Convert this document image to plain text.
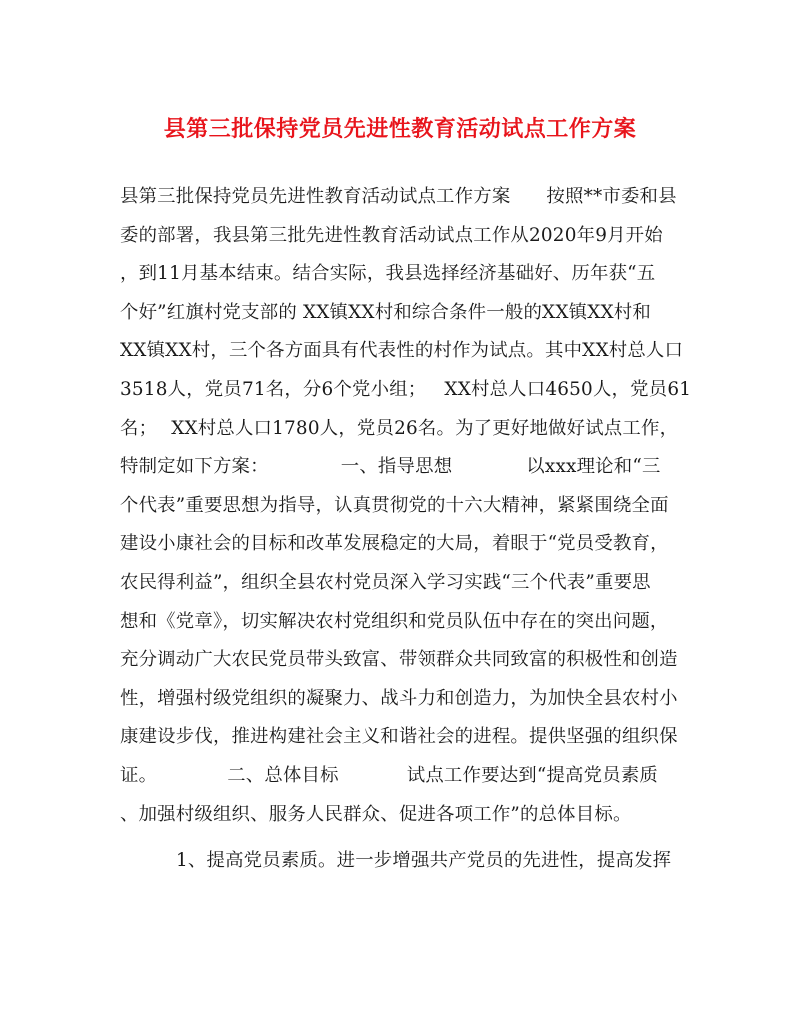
县第三批保持党员先进性教育活动试点工作方案
县第三批保持党员先进性教育活动试点工作方案 按照**市委和县
委的部署，我县第三批先进性教育活动试点工作从2020年9月开始
，到11月基本结束。结合实际，我县选择经济基础好、历年获“五
个好”红旗村党支部的 XX镇XX村和综合条件一般的XX镇XX村和
XX镇XX村，三个各方面具有代表性的村作为试点。其中XX村总人口
3518人，党员71名，分6个党小组； XX村总人口4650人，党员61
名； XX村总人口1780人，党员26名。为了更好地做好试点工作，
特制定如下方案：	一、指导思想	以xxx理论和“三
个代表”重要思想为指导，认真贯彻党的十六大精神，紧紧围绕全面
建设小康社会的目标和改革发展稳定的大局，着眼于“党员受教育，
农民得利益”，组织全县农村党员深入学习实践“三个代表”重要思
想和《党章》，切实解决农村党组织和党员队伍中存在的突出问题，
充分调动广大农民党员带头致富、带领群众共同致富的积极性和创造
性，增强村级党组织的凝聚力、战斗力和创造力，为加快全县农村小
康建设步伐，推进构建社会主义和谐社会的进程。提供坚强的组织保
证。	二、总体目标	试点工作要达到“提高党员素质
、加强村级组织、服务人民群众、促进各项工作”的总体目标。
1、提高党员素质。进一步增强共产党员的先进性，提高发挥
